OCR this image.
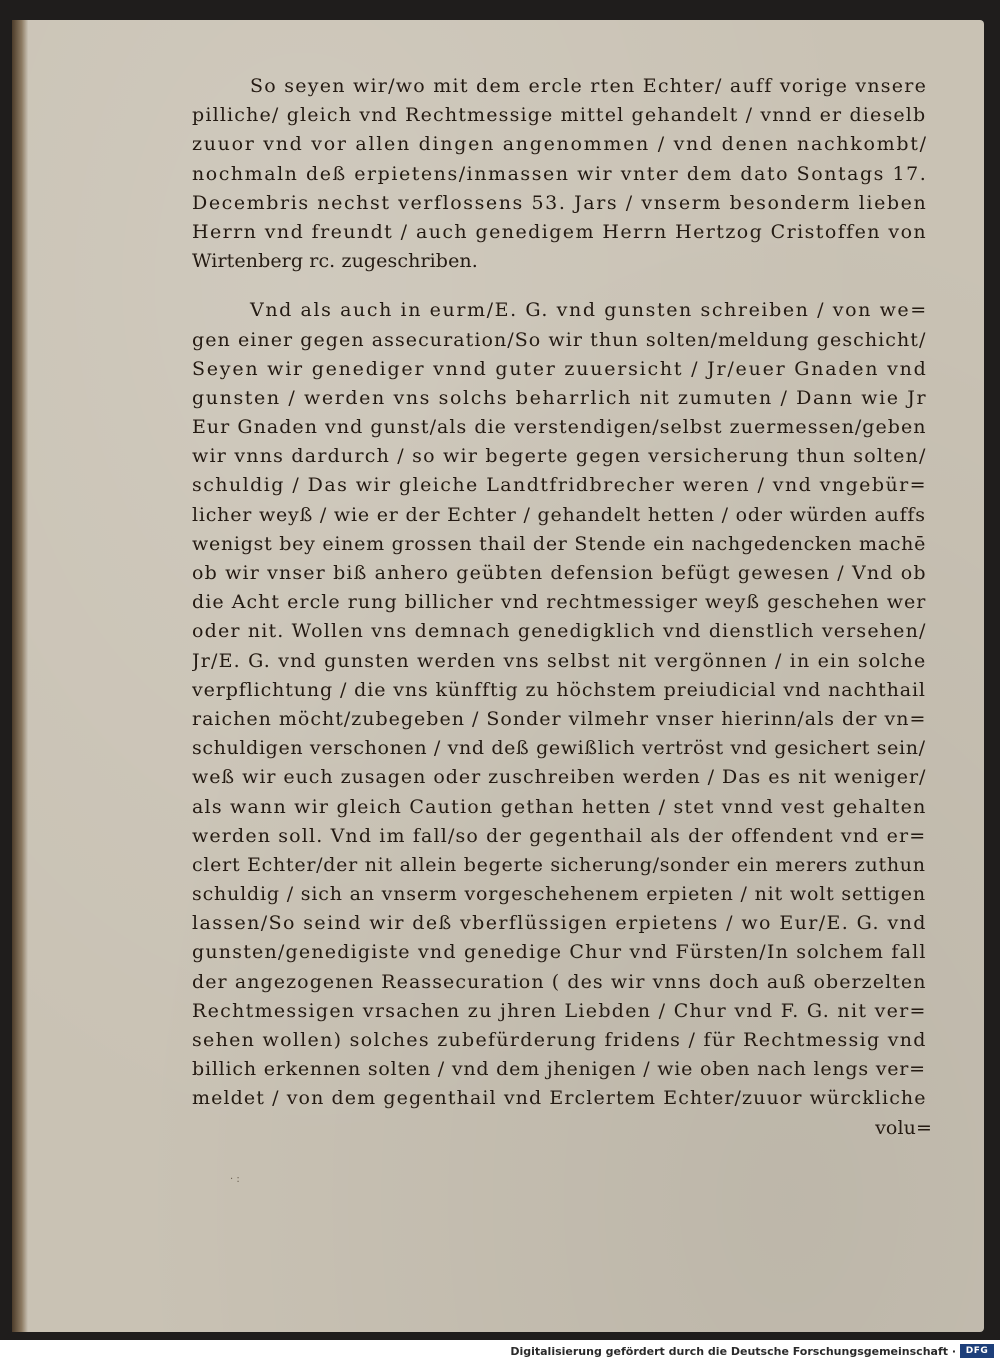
So seyen wir/wo mit dem ercle rten Echter/ auff vorige vnsere
pilliche/ gleich vnd Rechtmessige mittel gehandelt / vnnd er dieselb
zuuor vnd vor allen dingen angenommen / vnd denen nachkombt/
nochmaln deß erpietens/inmassen wir vnter dem dato Sontags 17.
Decembris nechst verflossens 53. Jars / vnserm besonderm lieben
Herrn vnd freundt / auch genedigem Herrn Hertzog Cristoffen von
Wirtenberg rc. zugeschriben.
Vnd als auch in eurm/E. G. vnd gunsten schreiben / von we=
gen einer gegen assecuration/So wir thun solten/meldung geschicht/
Seyen wir genediger vnnd guter zuuersicht / Jr/euer Gnaden vnd
gunsten / werden vns solchs beharrlich nit zumuten / Dann wie Jr
Eur Gnaden vnd gunst/als die verstendigen/selbst zuermessen/geben
wir vnns dardurch / so wir begerte gegen versicherung thun solten/
schuldig / Das wir gleiche Landtfridbrecher weren / vnd vngebür=
licher weyß / wie er der Echter / gehandelt hetten / oder würden auffs
wenigst bey einem grossen thail der Stende ein nachgedencken machē
ob wir vnser biß anhero geübten defension befügt gewesen / Vnd ob
die Acht ercle rung billicher vnd rechtmessiger weyß geschehen wer
oder nit. Wollen vns demnach genedigklich vnd dienstlich versehen/
Jr/E. G. vnd gunsten werden vns selbst nit vergönnen / in ein solche
verpflichtung / die vns künfftig zu höchstem preiudicial vnd nachthail
raichen möcht/zubegeben / Sonder vilmehr vnser hierinn/als der vn=
schuldigen verschonen / vnd deß gewißlich vertröst vnd gesichert sein/
weß wir euch zusagen oder zuschreiben werden / Das es nit weniger/
als wann wir gleich Caution gethan hetten / stet vnnd vest gehalten
werden soll. Vnd im fall/so der gegenthail als der offendent vnd er=
clert Echter/der nit allein begerte sicherung/sonder ein merers zuthun
schuldig / sich an vnserm vorgeschehenem erpieten / nit wolt settigen
lassen/So seind wir deß vberflüssigen erpietens / wo Eur/E. G. vnd
gunsten/genedigiste vnd genedige Chur vnd Fürsten/In solchem fall
der angezogenen Reassecuration ( des wir vnns doch auß oberzelten
Rechtmessigen vrsachen zu jhren Liebden / Chur vnd F. G. nit ver=
sehen wollen) solches zubefürderung fridens / für Rechtmessig vnd
billich erkennen solten / vnd dem jhenigen / wie oben nach lengs ver=
meldet / von dem gegenthail vnd Erclertem Echter/zuuor würckliche
volu=
· :
Digitalisierung gefördert durch die Deutsche Forschungsgemeinschaft ·	DFG
